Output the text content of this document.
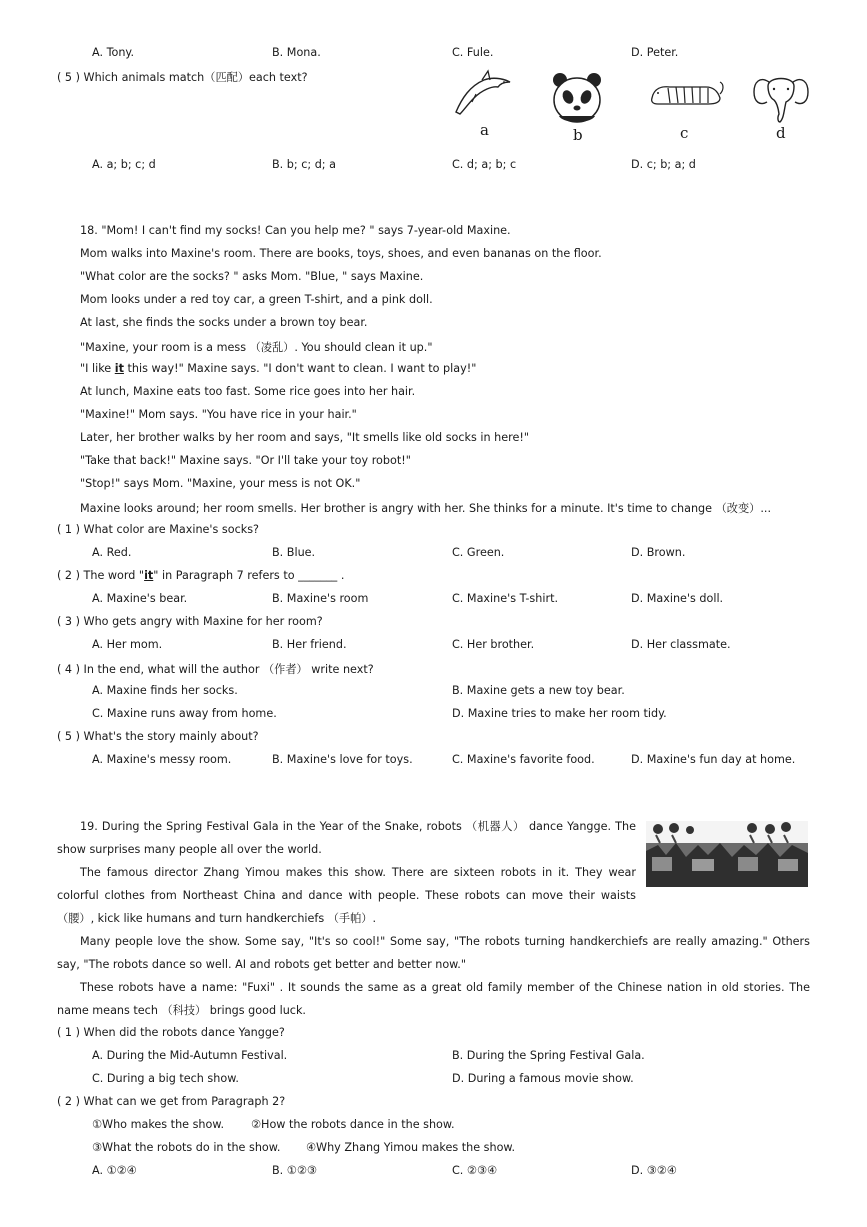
A. Tony.	B. Mona.	C. Fule.	D. Peter.
( 5 ) Which animals match（匹配）each text?
a	b	c	d
A. a; b; c; d	B. b; c; d; a	C. d; a; b; c	D. c; b; a; d
18. "Mom! I can't find my socks! Can you help me? " says 7-year-old Maxine.
Mom walks into Maxine's room. There are books, toys, shoes, and even bananas on the floor.
"What color are the socks? " asks Mom. "Blue, " says Maxine.
Mom looks under a red toy car, a green T-shirt, and a pink doll.
At last, she finds the socks under a brown toy bear.
"Maxine, your room is a mess （凌乱）. You should clean it up."
"I like it this way!" Maxine says. "I don't want to clean. I want to play!"
At lunch, Maxine eats too fast. Some rice goes into her hair.
"Maxine!" Mom says. "You have rice in your hair."
Later, her brother walks by her room and says, "It smells like old socks in here!"
"Take that back!" Maxine says. "Or I'll take your toy robot!"
"Stop!" says Mom. "Maxine, your mess is not OK."
Maxine looks around; her room smells. Her brother is angry with her. She thinks for a minute. It's time to change （改变）...
( 1 ) What color are Maxine's socks?
A. Red.	B. Blue.	C. Green.	D. Brown.
( 2 ) The word "it" in Paragraph 7 refers to _______ .
A. Maxine's bear.	B. Maxine's room	C. Maxine's T-shirt.	D. Maxine's doll.
( 3 ) Who gets angry with Maxine for her room?
A. Her mom.	B. Her friend.	C. Her brother.	D. Her classmate.
( 4 ) In the end, what will the author （作者） write next?
A. Maxine finds her socks.	B. Maxine gets a new toy bear.
C. Maxine runs away from home.	D. Maxine tries to make her room tidy.
( 5 ) What's the story mainly about?
A. Maxine's messy room.	B. Maxine's love for toys.	C. Maxine's favorite food.	D. Maxine's fun day at home.

19. During the Spring Festival Gala in the Year of the Snake, robots （机器人） dance Yangge. The show surprises many people all over the world.

The famous director Zhang Yimou makes this show. There are sixteen robots in it. They wear colorful clothes from Northeast China and dance with people. These robots can move their waists （腰）, kick like humans and turn handkerchiefs （手帕）.

Many people love the show. Some say, "It's so cool!" Some say, "The robots turning handkerchiefs are really amazing." Others say, "The robots dance so well. AI and robots get better and better now."

These robots have a name: "Fuxi" . It sounds the same as a great old family member of the Chinese nation in old stories. The name means tech （科技） brings good luck.

( 1 ) When did the robots dance Yangge?
A. During the Mid-Autumn Festival.	B. During the Spring Festival Gala.
C. During a big tech show.	D. During a famous movie show.
( 2 ) What can we get from Paragraph 2?
①Who makes the show. ②How the robots dance in the show.
③What the robots do in the show. ④Why Zhang Yimou makes the show.
A. ①②④	B. ①②③	C. ②③④	D. ③②④
